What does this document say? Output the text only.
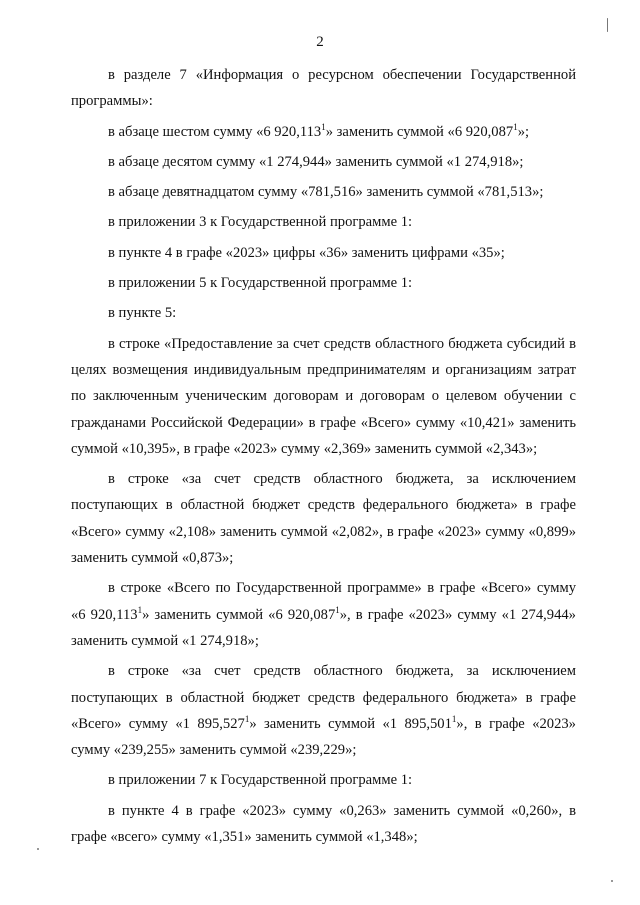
2

в разделе 7 «Информация о ресурсном обеспечении Государственной программы»:

в абзаце шестом сумму «6 920,113$^1$» заменить суммой «6 920,087$^1$»;

в абзаце десятом сумму «1 274,944» заменить суммой «1 274,918»;

в абзаце девятнадцатом сумму «781,516» заменить суммой «781,513»;

в приложении 3 к Государственной программе 1:

в пункте 4 в графе «2023» цифры «36» заменить цифрами «35»;

в приложении 5 к Государственной программе 1:

в пункте 5:

в строке «Предоставление за счет средств областного бюджета субсидий в целях возмещения индивидуальным предпринимателям и организациям затрат по заключенным ученическим договорам и договорам о целевом обучении с гражданами Российской Федерации» в графе «Всего» сумму «10,421» заменить суммой «10,395», в графе «2023» сумму «2,369» заменить суммой «2,343»;

в строке «за счет средств областного бюджета, за исключением поступающих в областной бюджет средств федерального бюджета» в графе «Всего» сумму «2,108» заменить суммой «2,082», в графе «2023» сумму «0,899» заменить суммой «0,873»;

в строке «Всего по Государственной программе» в графе «Всего» сумму «6 920,113$^1$» заменить суммой «6 920,087$^1$», в графе «2023» сумму «1 274,944» заменить суммой «1 274,918»;

в строке «за счет средств областного бюджета, за исключением поступающих в областной бюджет средств федерального бюджета» в графе «Всего» сумму «1 895,527$^1$» заменить суммой «1 895,501$^1$», в графе «2023» сумму «239,255» заменить суммой «239,229»;

в приложении 7 к Государственной программе 1:

в пункте 4 в графе «2023» сумму «0,263» заменить суммой «0,260», в графе «всего» сумму «1,351» заменить суммой «1,348»;
